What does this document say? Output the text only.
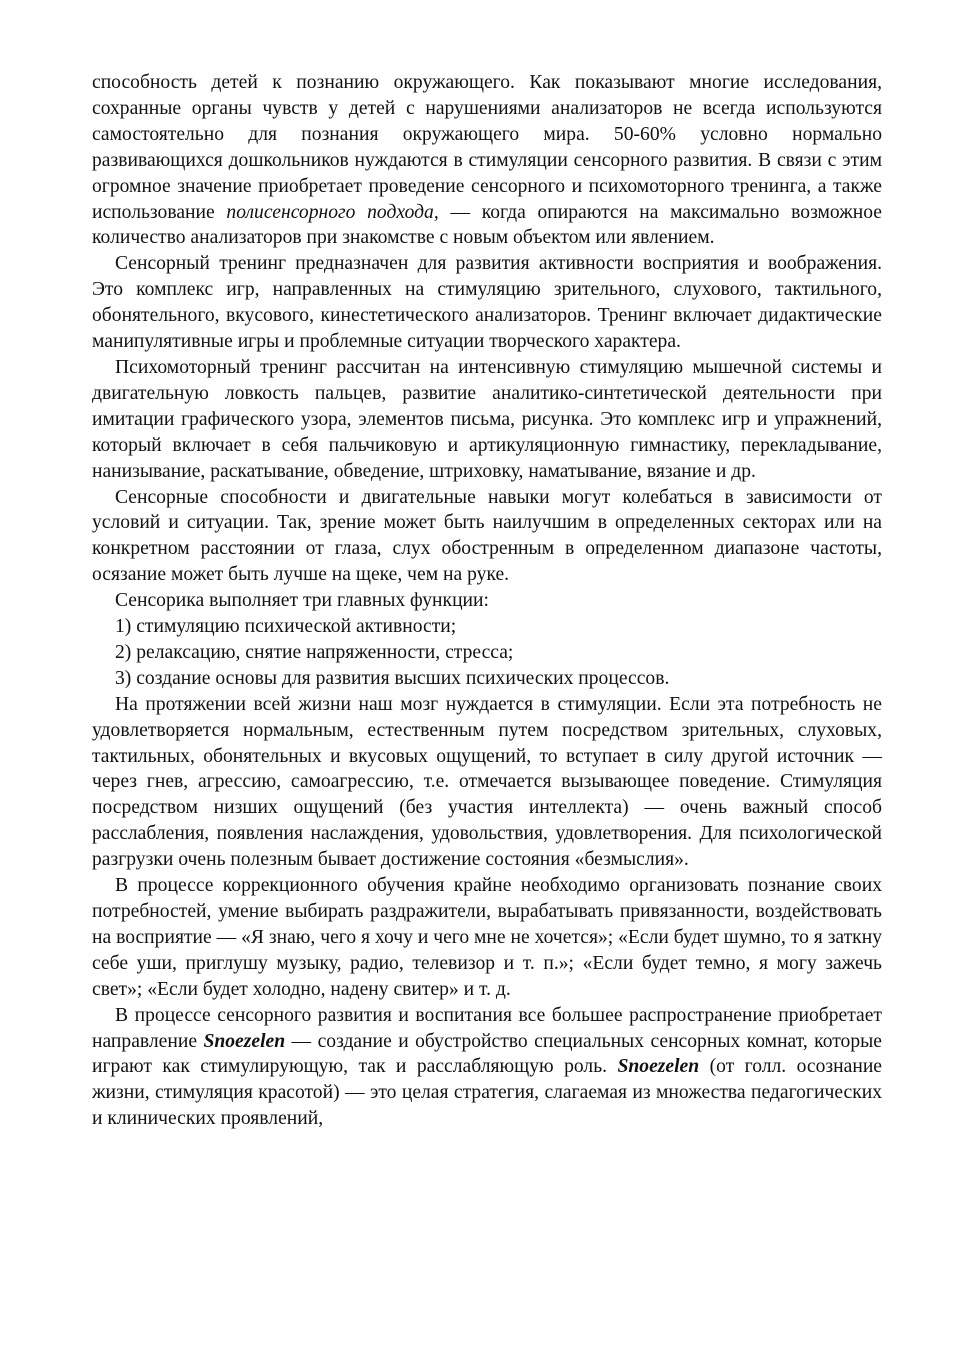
способность детей к познанию окружающего. Как показывают многие исследования, сохранные органы чувств у детей с нарушениями анализаторов не всегда используются самостоятельно для познания окружающего мира. 50-60% условно нормально развивающихся дошкольников нуждаются в стимуляции сенсорного развития. В связи с этим огромное значение приобретает проведение сенсорного и психомоторного тренинга, а также использование полисенсорного подхода, — когда опираются на максимально возможное количество анализаторов при знакомстве с новым объектом или явлением.

Сенсорный тренинг предназначен для развития активности восприятия и воображения. Это комплекс игр, направленных на стимуляцию зрительного, слухового, тактильного, обонятельного, вкусового, кинестетического анализаторов. Тренинг включает дидактические манипулятивные игры и проблемные ситуации творческого характера.

Психомоторный тренинг рассчитан на интенсивную стимуляцию мышечной системы и двигательную ловкость пальцев, развитие аналитико-синтетической деятельности при имитации графического узора, элементов письма, рисунка. Это комплекс игр и упражнений, который включает в себя пальчиковую и артикуляционную гимнастику, перекладывание, нанизывание, раскатывание, обведение, штриховку, наматывание, вязание и др.

Сенсорные способности и двигательные навыки могут колебаться в зависимости от условий и ситуации. Так, зрение может быть наилучшим в определенных секторах или на конкретном расстоянии от глаза, слух обостренным в определенном диапазоне частоты, осязание может быть лучше на щеке, чем на руке.

Сенсорика выполняет три главных функции:

1) стимуляцию психической активности;

2) релаксацию, снятие напряженности, стресса;

3) создание основы для развития высших психических процессов.

На протяжении всей жизни наш мозг нуждается в стимуляции. Если эта потребность не удовлетворяется нормальным, естественным путем посредством зрительных, слуховых, тактильных, обонятельных и вкусовых ощущений, то вступает в силу другой источник — через гнев, агрессию, самоагрессию, т.е. отмечается вызывающее поведение. Стимуляция посредством низших ощущений (без участия интеллекта) — очень важный способ расслабления, появления наслаждения, удовольствия, удовлетворения. Для психологической разгрузки очень полезным бывает достижение состояния «безмыслия».

В процессе коррекционного обучения крайне необходимо организовать познание своих потребностей, умение выбирать раздражители, вырабатывать привязанности, воздействовать на восприятие — «Я знаю, чего я хочу и чего мне не хочется»; «Если будет шумно, то я заткну себе уши, приглушу музыку, радио, телевизор и т. п.»; «Если будет темно, я могу зажечь свет»; «Если будет холодно, надену свитер» и т. д.

В процессе сенсорного развития и воспитания все большее распространение приобретает направление Snoezelen — создание и обустройство специальных сенсорных комнат, которые играют как стимулирующую, так и расслабляющую роль. Snoezelen (от голл. осознание жизни, стимуляция красотой) — это целая стратегия, слагаемая из множества педагогических и клинических проявлений,
